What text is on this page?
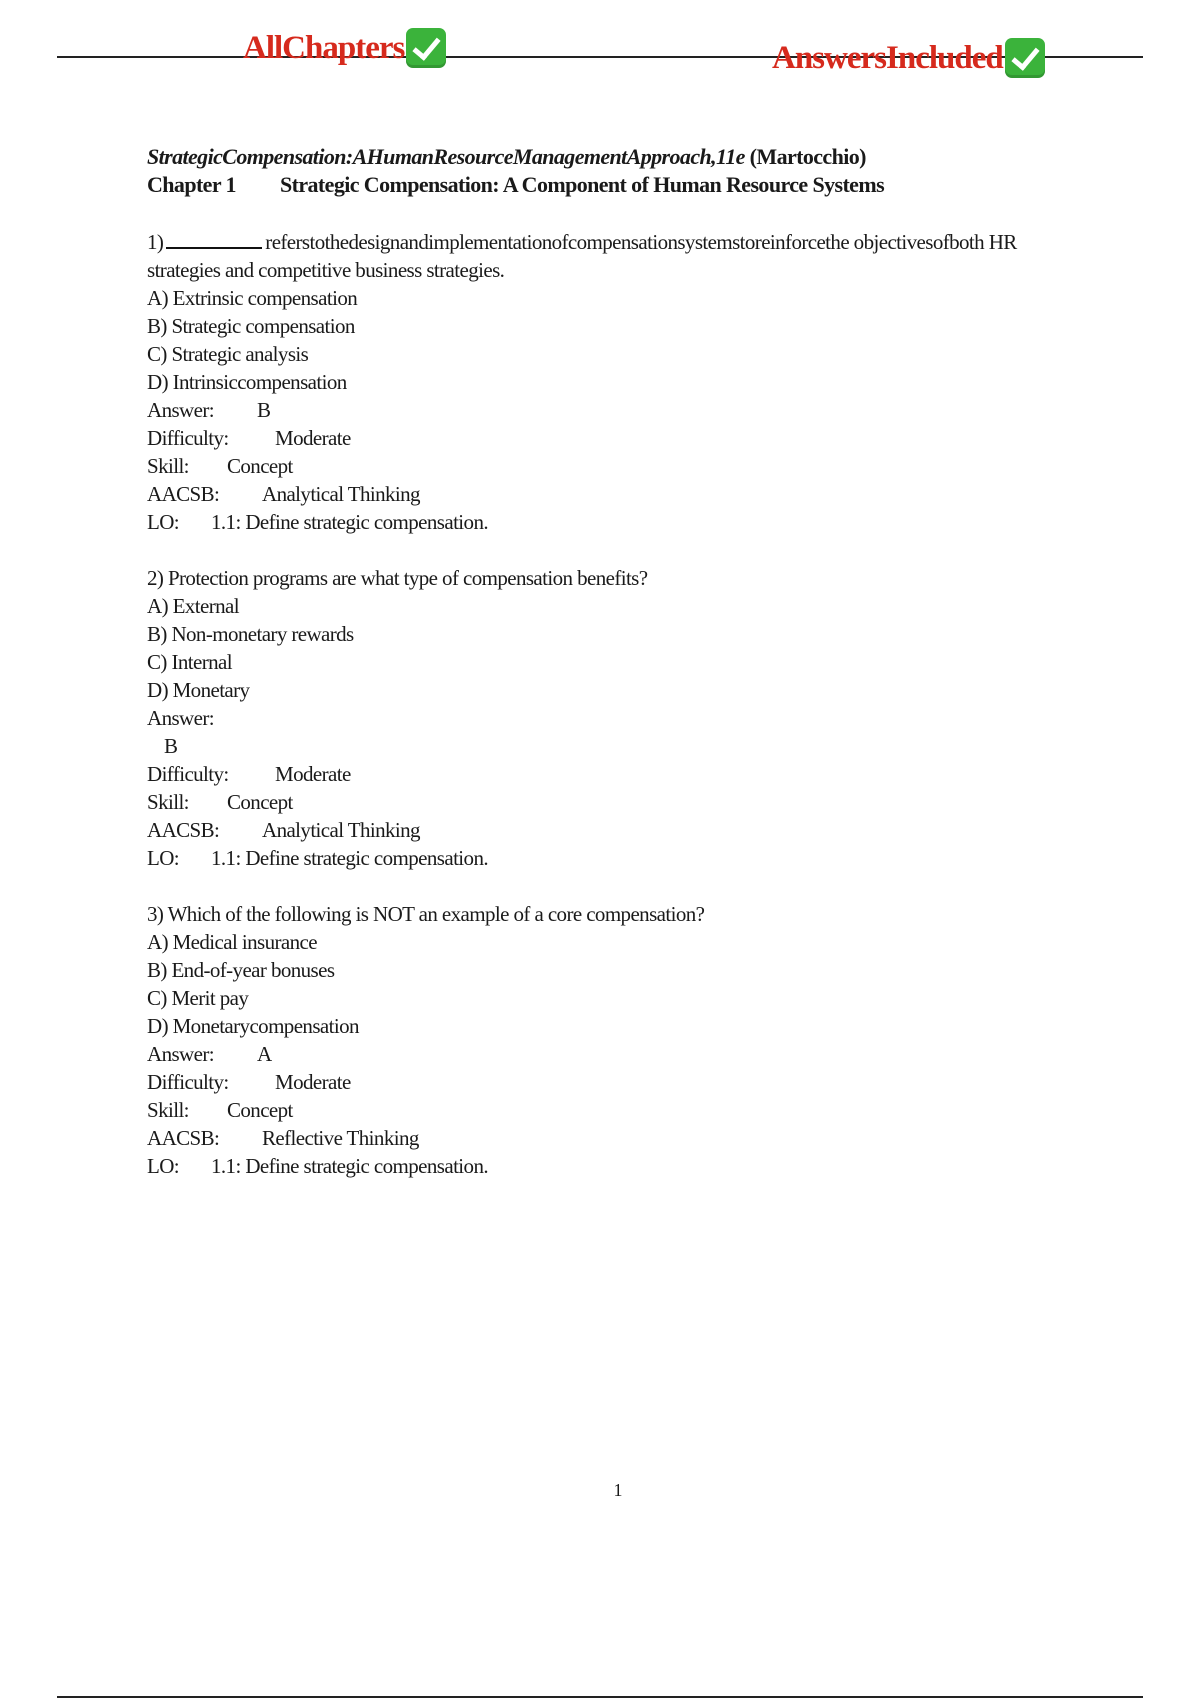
AllChapters	AnswersIncluded
StrategicCompensation:AHumanResourceManagementApproach,11e (Martocchio)
Chapter 1 Strategic Compensation: A Component of Human Resource Systems
1)	referstothedesignandimplementationofcompensationsystemstoreinforcethe objectivesofboth HR strategies and competitive business strategies.
A) Extrinsic compensation
B) Strategic compensation
C) Strategic analysis
D) Intrinsiccompensation
Answer: B
Difficulty: Moderate
Skill: Concept
AACSB: Analytical Thinking
LO: 1.1: Define strategic compensation.
2) Protection programs are what type of compensation benefits?
A) External
B) Non-monetary rewards
C) Internal
D) Monetary
Answer:
B
Difficulty: Moderate
Skill: Concept
AACSB: Analytical Thinking
LO: 1.1: Define strategic compensation.
3) Which of the following is NOT an example of a core compensation?
A) Medical insurance
B) End-of-year bonuses
C) Merit pay
D) Monetarycompensation
Answer: A
Difficulty: Moderate
Skill: Concept
AACSB: Reflective Thinking
LO: 1.1: Define strategic compensation.
1
